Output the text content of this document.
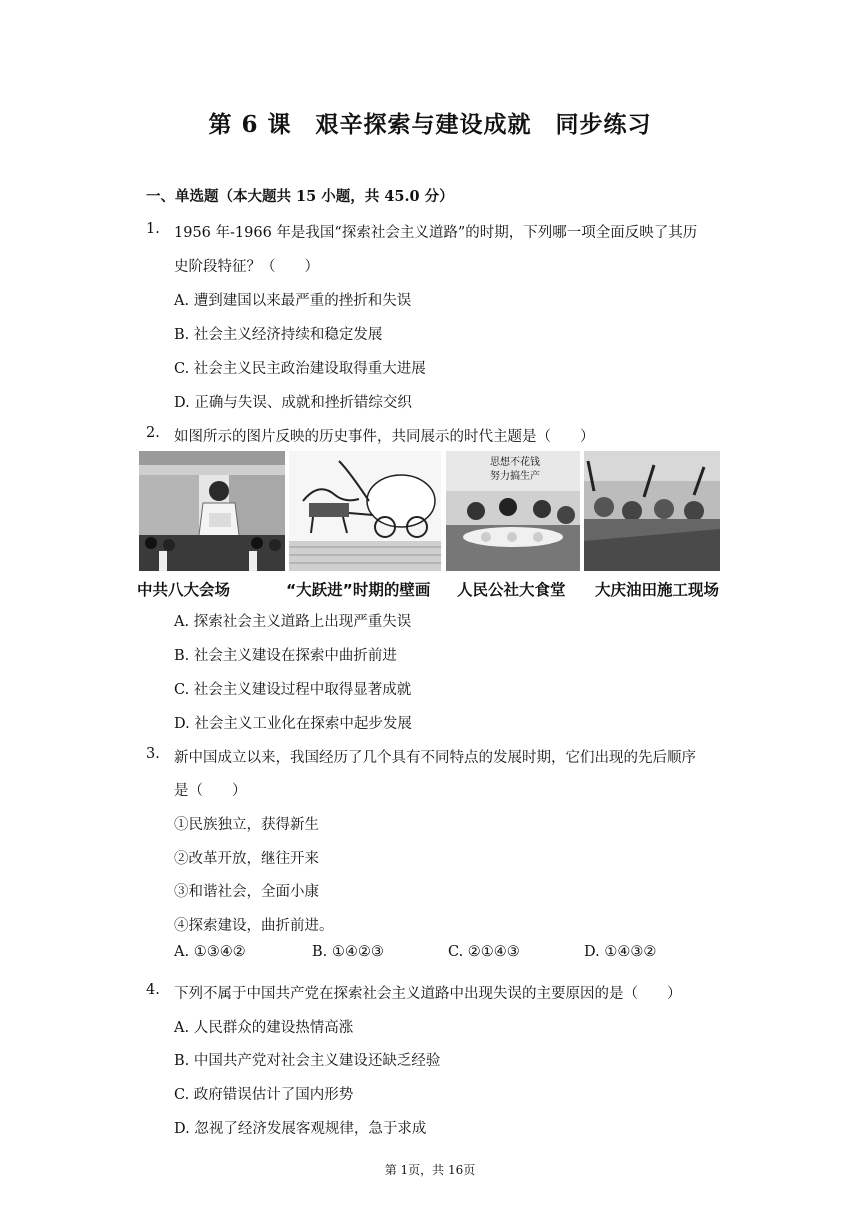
第 6 课　艰辛探索与建设成就　同步练习
一、单选题（本大题共 15 小题，共 45.0 分）
1. 1956 年-1966 年是我国“探索社会主义道路”的时期，下列哪一项全面反映了其历
史阶段特征？（　　）
A. 遭到建国以来最严重的挫折和失误
B. 社会主义经济持续和稳定发展
C. 社会主义民主政治建设取得重大进展
D. 正确与失误、成就和挫折错综交织
2. 如图所示的图片反映的历史事件，共同展示的时代主题是（　　）
思想不花钱
努力搞生产
中共八大会场	“大跃进”时期的壁画 人民公社大食堂 大庆油田施工现场
A. 探索社会主义道路上出现严重失误
B. 社会主义建设在探索中曲折前进
C. 社会主义建设过程中取得显著成就
D. 社会主义工业化在探索中起步发展
3. 新中国成立以来，我国经历了几个具有不同特点的发展时期，它们出现的先后顺序
是（　　）
①民族独立，获得新生
②改革开放，继往开来
③和谐社会，全面小康
④探索建设，曲折前进。
A. ①③④②	B. ①④②③	C. ②①④③	D. ①④③②
4. 下列不属于中国共产党在探索社会主义道路中出现失误的主要原因的是（　　）
A. 人民群众的建设热情高涨
B. 中国共产党对社会主义建设还缺乏经验
C. 政府错误估计了国内形势
D. 忽视了经济发展客观规律，急于求成
第 1页，共 16页
